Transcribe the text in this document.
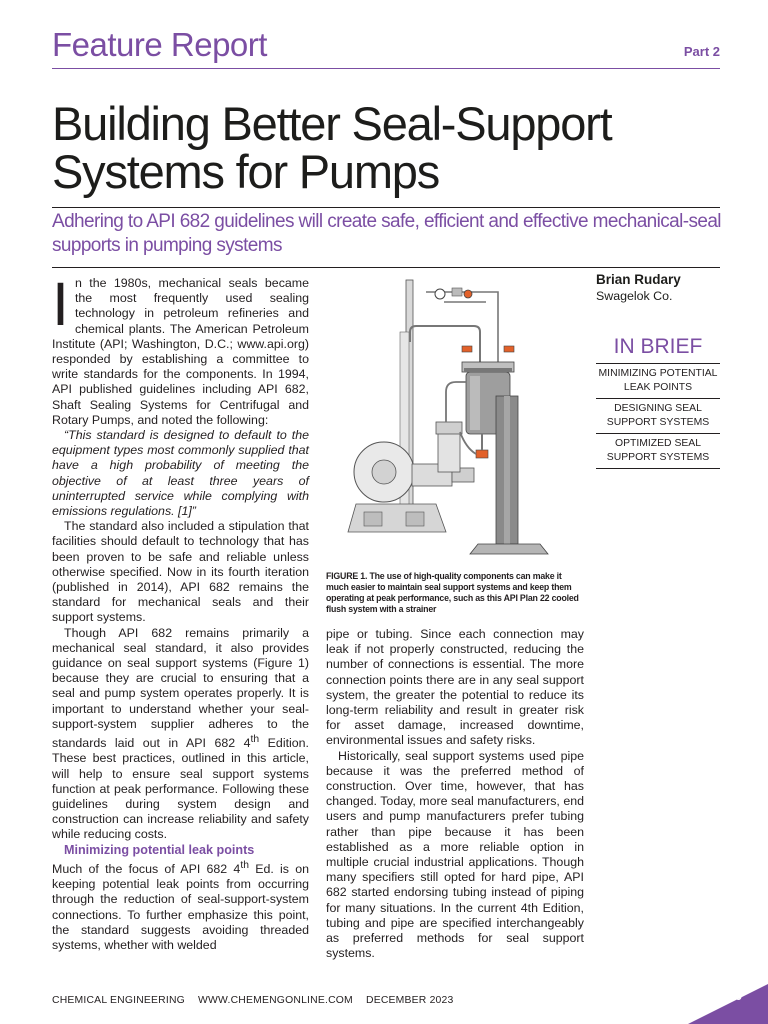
Feature Report	Part 2
Building Better Seal-Support
Systems for Pumps
Adhering to API 682 guidelines will create safe, efficient and effective mechanical-seal supports in pumping systems

In the 1980s, mechanical seals became the most frequently used sealing technology in petroleum refineries and chemical plants. The American Petroleum Institute (API; Washington, D.C.; www.api.org) responded by establishing a committee to write standards for the components. In 1994, API published guidelines including API 682, Shaft Sealing Systems for Centrifugal and Rotary Pumps, and noted the following:

“This standard is designed to default to the equipment types most commonly supplied that have a high probability of meeting the objective of at least three years of uninterrupted service while complying with emissions regulations. [1]”

The standard also included a stipulation that facilities should default to technology that has been proven to be safe and reliable unless otherwise specified. Now in its fourth iteration (published in 2014), API 682 remains the standard for mechanical seals and their support systems.

Though API 682 remains primarily a mechanical seal standard, it also provides guidance on seal support systems (Figure 1) because they are crucial to ensuring that a seal and pump system operates properly. It is important to understand whether your seal-support-system supplier adheres to the standards laid out in API 682 4th Edition. These best practices, outlined in this article, will help to ensure seal support systems function at peak performance. Following these guidelines during system design and construction can increase reliability and safety while reducing costs.

Minimizing potential leak points

Much of the focus of API 682 4th Ed. is on keeping potential leak points from occurring through the reduction of seal-support-system connections. To further emphasize this point, the standard suggests avoiding threaded systems, whether with welded

FIGURE 1. The use of high-quality components can make it much easier to maintain seal support systems and keep them operating at peak performance, such as this API Plan 22 cooled flush system with a strainer
Brian Rudary
Swagelok Co.
IN BRIEF
MINIMIZING POTENTIAL LEAK POINTS
DESIGNING SEAL SUPPORT SYSTEMS
OPTIMIZED SEAL SUPPORT SYSTEMS

pipe or tubing. Since each connection may leak if not properly constructed, reducing the number of connections is essential. The more connection points there are in any seal support system, the greater the potential to reduce its long-term reliability and result in greater risk for asset damage, increased downtime, environmental issues and safety risks.

Historically, seal support systems used pipe because it was the preferred method of construction. Over time, however, that has changed. Today, more seal manufacturers, end users and pump manufacturers prefer tubing rather than pipe because it has been established as a more reliable option in multiple crucial industrial applications. Though many specifiers still opted for hard pipe, API 682 started endorsing tubing instead of piping for many situations. In the current 4th Edition, tubing and pipe are specified interchangeably as preferred methods for seal support systems.

CHEMICAL ENGINEERING WWW.CHEMENGONLINE.COM DECEMBER 2023	29
